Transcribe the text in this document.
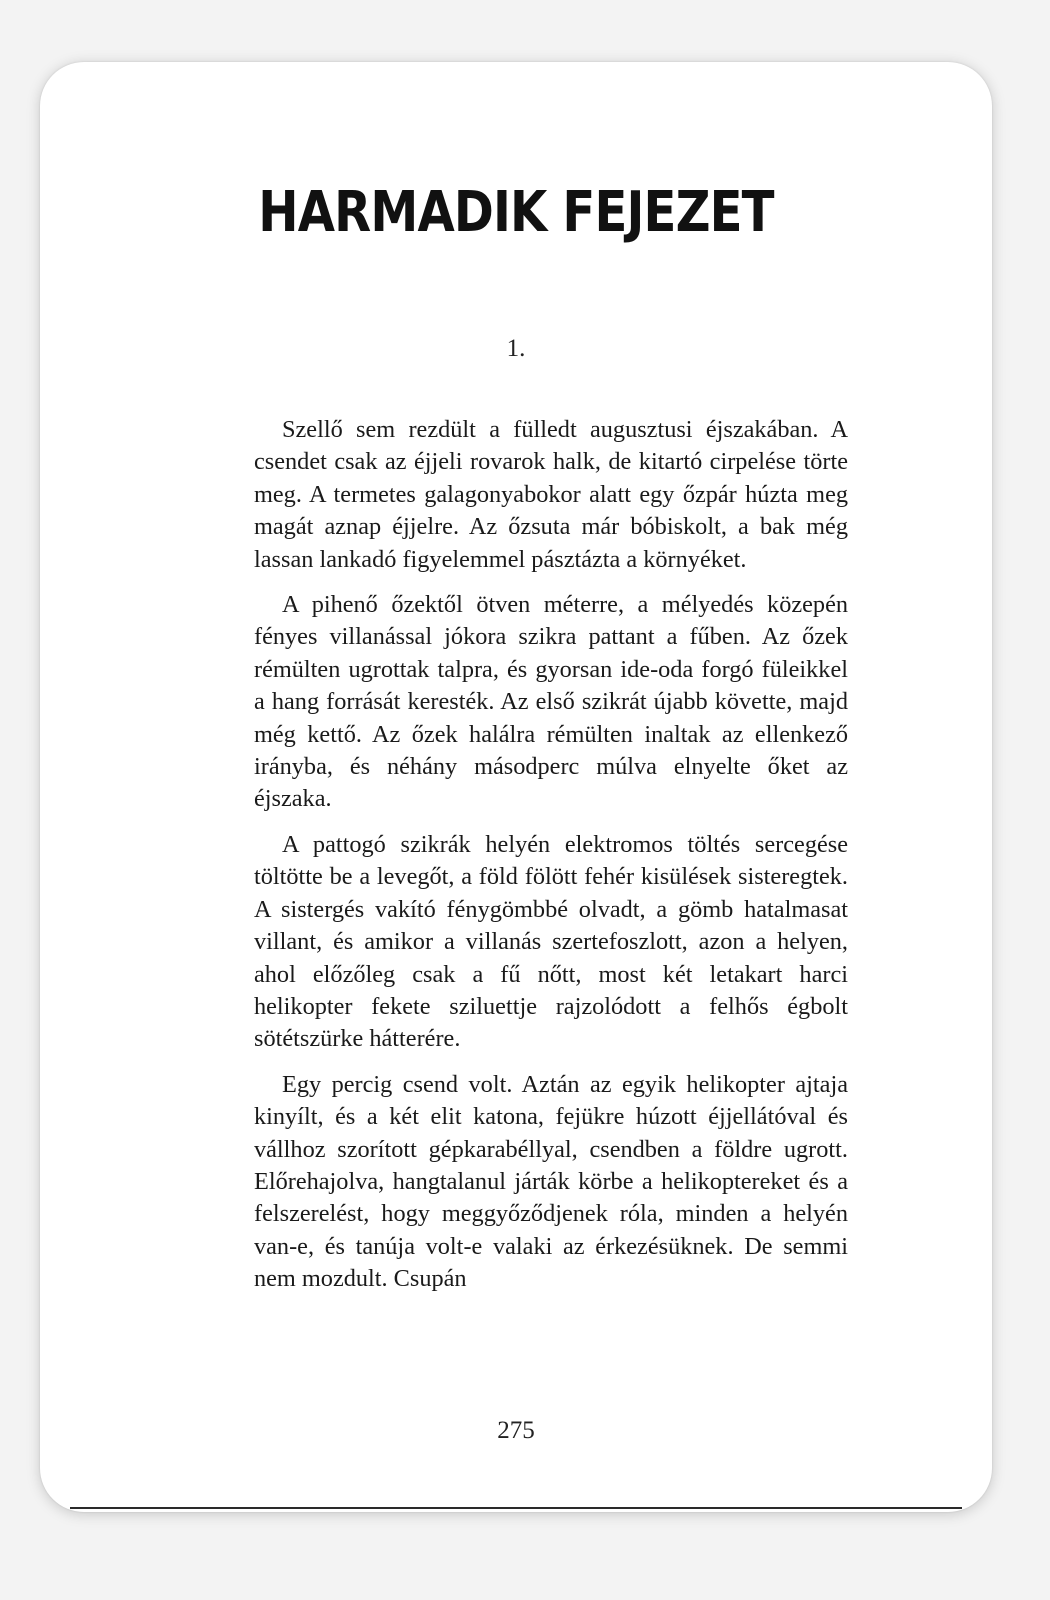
HARMADIK FEJEZET
1.

Szellő sem rezdült a fülledt augusztusi éjszakában. A csendet csak az éjjeli rovarok halk, de kitartó cirpelése törte meg. A termetes galagonyabokor alatt egy őzpár húzta meg magát aznap éjjelre. Az őzsuta már bóbiskolt, a bak még lassan lankadó figyelemmel pásztázta a környéket.

A pihenő őzektől ötven méterre, a mélyedés közepén fényes villanással jókora szikra pattant a fűben. Az őzek rémülten ugrottak talpra, és gyorsan ide-oda forgó füleikkel a hang forrását keresték. Az első szikrát újabb követte, majd még kettő. Az őzek halálra rémülten inaltak az ellenkező irányba, és néhány másodperc múlva elnyelte őket az éjszaka.

A pattogó szikrák helyén elektromos töltés sercegése töltötte be a levegőt, a föld fölött fehér kisülések sisteregtek. A sistergés vakító fénygömbbé olvadt, a gömb hatalmasat villant, és amikor a villanás szertefoszlott, azon a helyen, ahol előzőleg csak a fű nőtt, most két letakart harci helikopter fekete sziluettje rajzolódott a felhős égbolt sötétszürke hátterére.

Egy percig csend volt. Aztán az egyik helikopter ajtaja kinyílt, és a két elit katona, fejükre húzott éjjellátóval és vállhoz szorított gépkarabéllyal, csendben a földre ugrott. Előrehajolva, hangtalanul járták körbe a helikoptereket és a felszerelést, hogy meggyőződjenek róla, minden a helyén van-e, és tanúja volt-e valaki az érkezésüknek. De semmi nem mozdult. Csupán

275
